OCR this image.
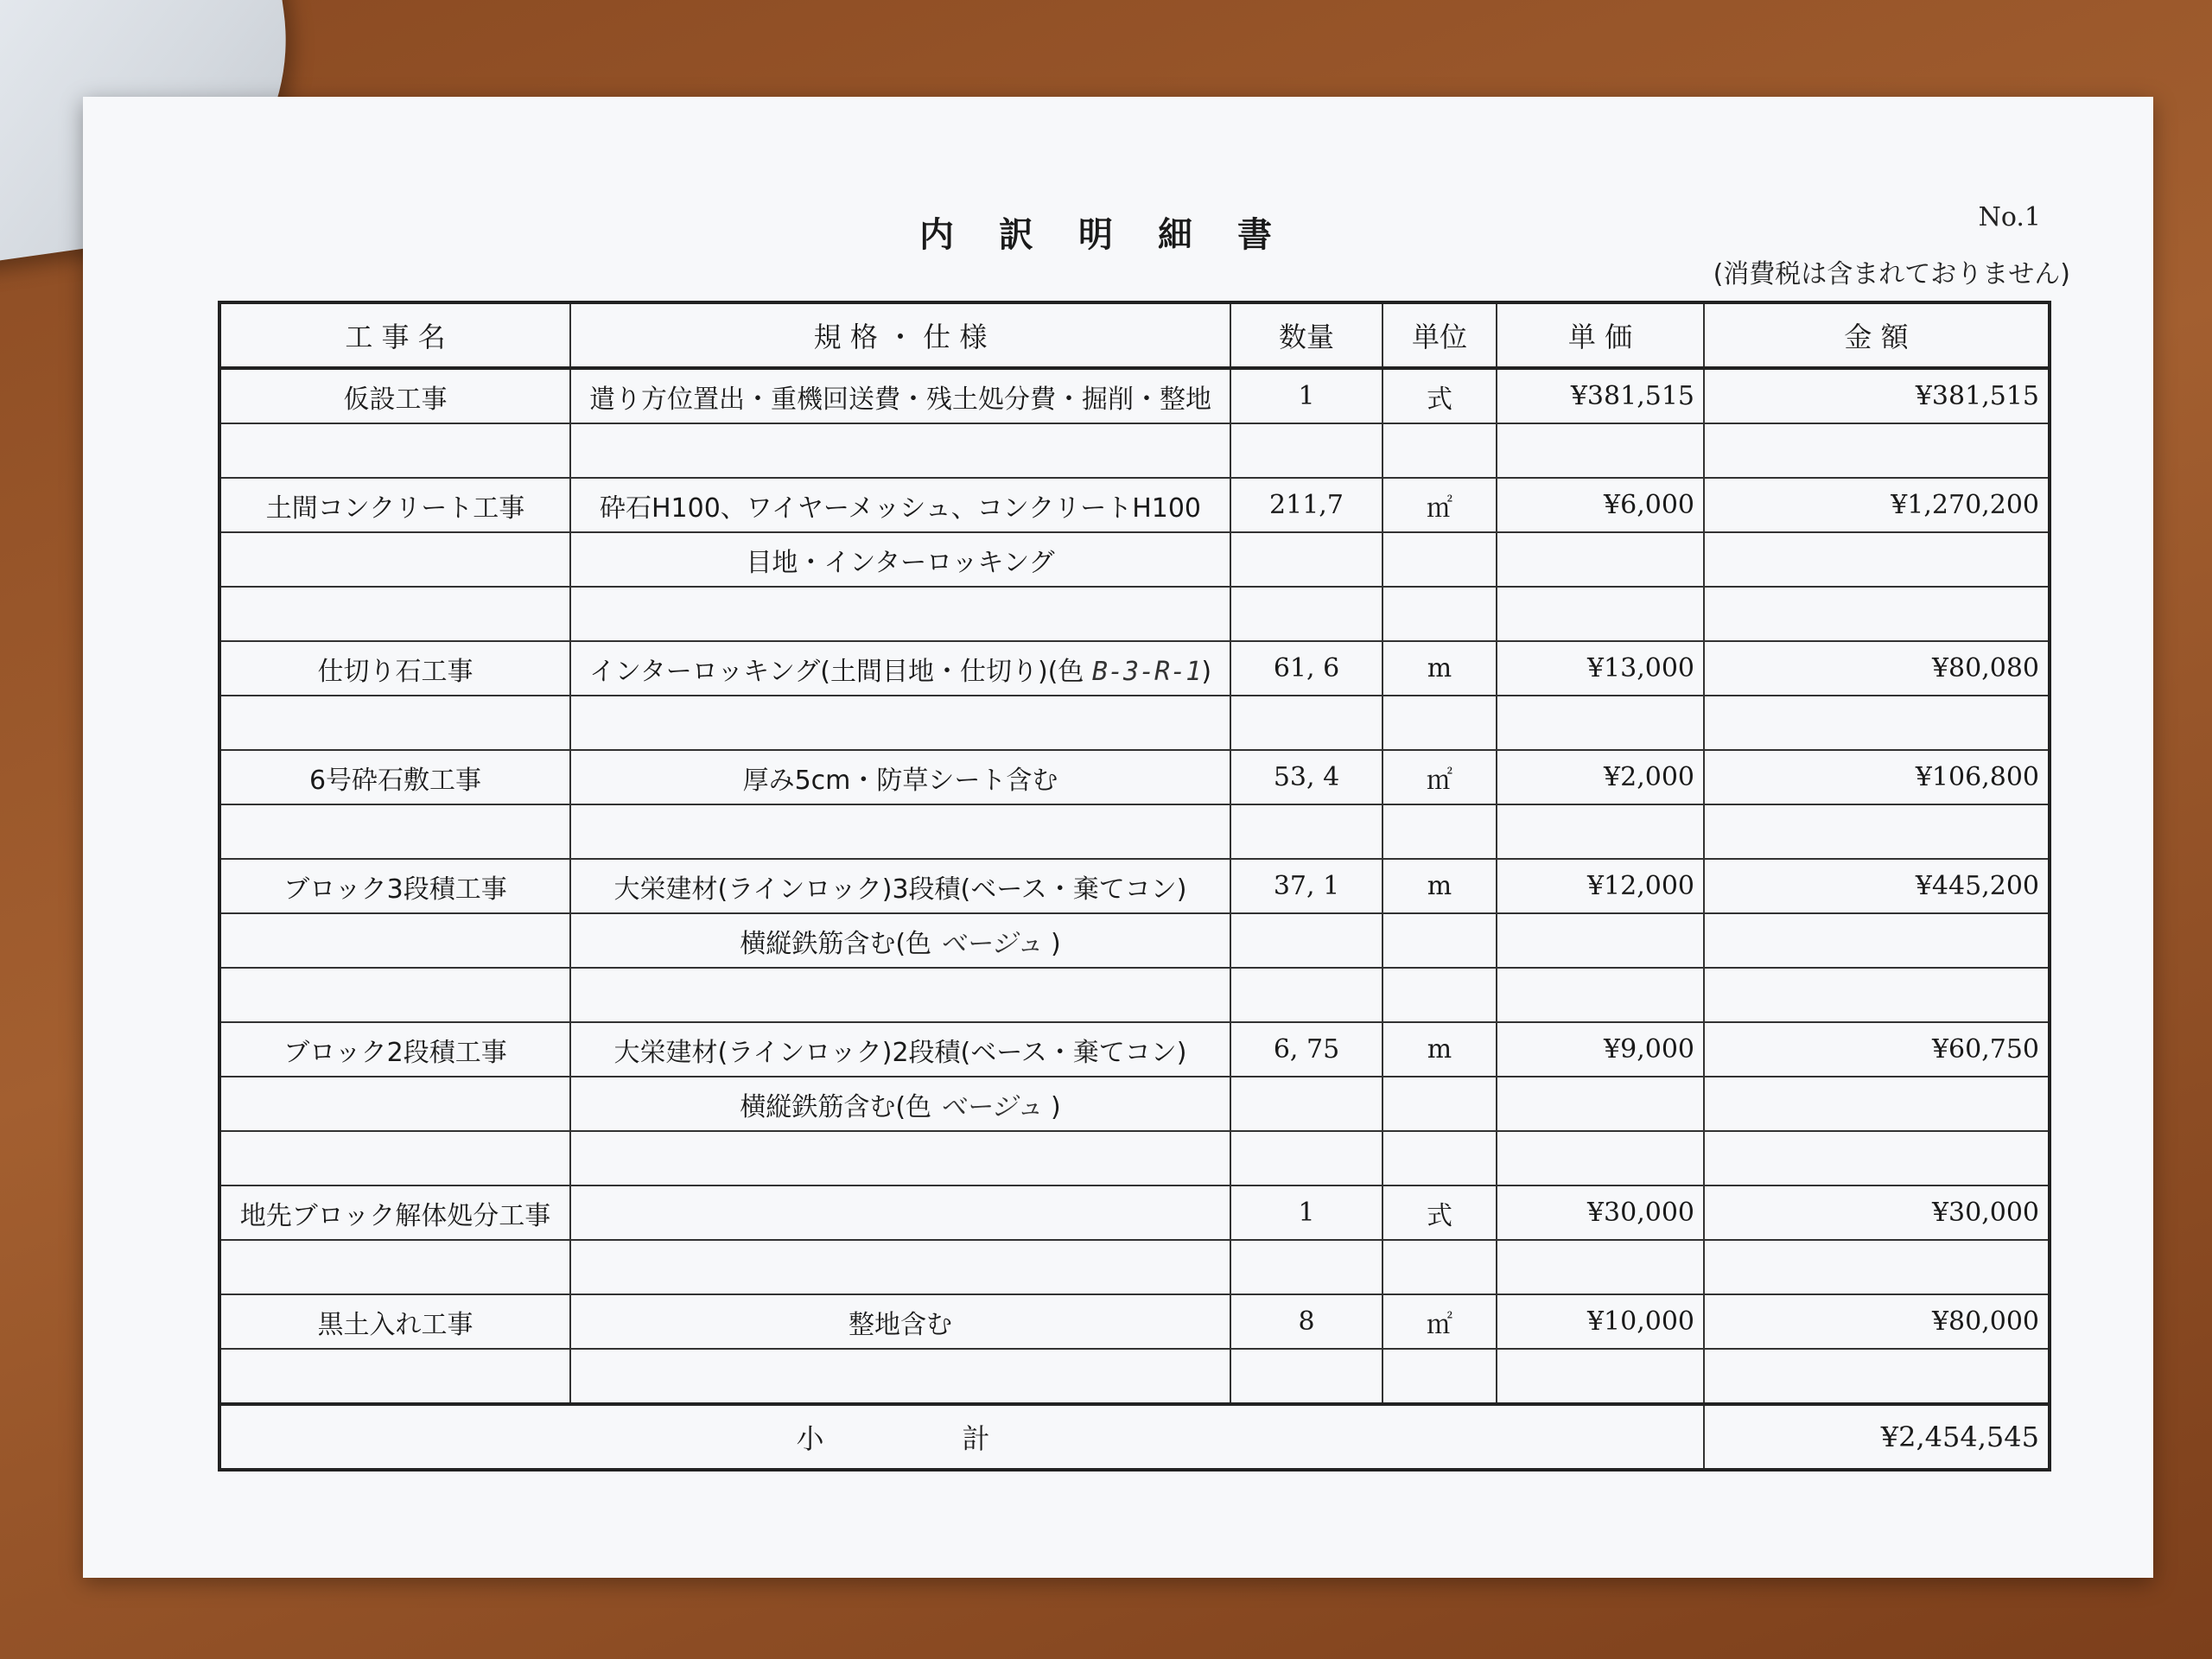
内訳明細書	No.1
(消費税は含まれておりません)
工 事 名	規 格 ・ 仕 様	数量	単位	単 価	金 額
仮設工事	遣り方位置出・重機回送費・残土処分費・掘削・整地	1	式	¥381,515	¥381,515

土間コンクリート工事	砕石H100、ワイヤーメッシュ、コンクリートH100	211,7	㎡	¥6,000	¥1,270,200
	目地・インターロッキング				

仕切り石工事	インターロッキング(土間目地・仕切り)(色 B-3-R-1)	61, 6	m	¥13,000	¥80,080

6号砕石敷工事	厚み5cm・防草シート含む	53, 4	㎡	¥2,000	¥106,800

ブロック3段積工事	大栄建材(ラインロック)3段積(ベース・棄てコン)	37, 1	m	¥12,000	¥445,200
	横縦鉄筋含む(色 ベージュ )				

ブロック2段積工事	大栄建材(ラインロック)2段積(ベース・棄てコン)	6, 75	m	¥9,000	¥60,750
	横縦鉄筋含む(色 ベージュ )				

地先ブロック解体処分工事		1	式	¥30,000	¥30,000

黒土入れ工事	整地含む	8	㎡	¥10,000	¥80,000

小計					¥2,454,545
